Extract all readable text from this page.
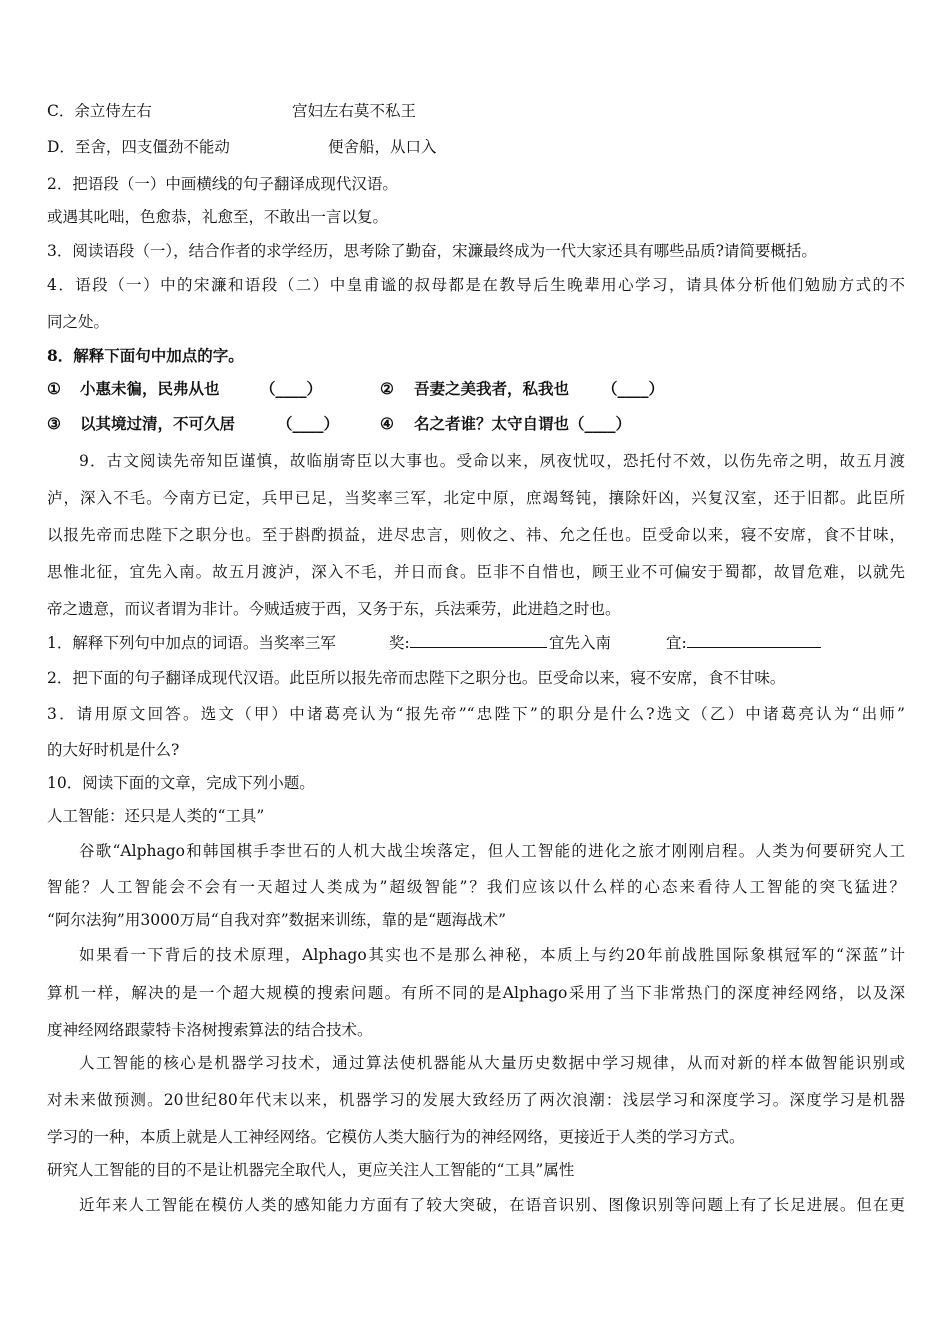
C．余立侍左右	宫妇左右莫不私王
D．至舍，四支僵劲不能动	便舍船，从口入
2．把语段（一）中画横线的句子翻译成现代汉语。
或遇其叱咄，色愈恭，礼愈至，不敢出一言以复。
3．阅读语段（一），结合作者的求学经历，思考除了勤奋，宋濂最终成为一代大家还具有哪些品质?请简要概括。
4．语段（一）中的宋濂和语段（二）中皇甫谧的叔母都是在教导后生晚辈用心学习，请具体分析他们勉励方式的不
同之处。
8．解释下面句中加点的字。
① 小惠未徧，民弗从也	（____）	② 吾妻之美我者，私我也 （____）
③ 以其境过清，不可久居	（____）	④ 名之者谁？太守自谓也（____）
9．古文阅读先帝知臣谨慎，故临崩寄臣以大事也。受命以来，夙夜忧叹，恐托付不效，以伤先帝之明，故五月渡
泸，深入不毛。今南方已定，兵甲已足，当奖率三军，北定中原，庶竭驽钝，攘除奸凶，兴复汉室，还于旧都。此臣所
以报先帝而忠陛下之职分也。至于斟酌损益，进尽忠言，则攸之、祎、允之任也。臣受命以来，寝不安席，食不甘味，
思惟北征，宜先入南。故五月渡泸，深入不毛，并日而食。臣非不自惜也，顾王业不可偏安于蜀都，故冒危难，以就先
帝之遗意，而议者谓为非计。今贼适疲于西，又务于东，兵法乘劳，此进趋之时也。
1．解释下列句中加点的词语。当奖率三军	奖:	宜先入南	宜:
2．把下面的句子翻译成现代汉语。此臣所以报先帝而忠陛下之职分也。臣受命以来，寝不安席，食不甘味。
3．请用原文回答。选文（甲）中诸葛亮认为“报先帝”“忠陛下”的职分是什么?选文（乙）中诸葛亮认为“出师”
的大好时机是什么?
10．阅读下面的文章，完成下列小题。
人工智能：还只是人类的“工具”
谷歌“Alphago和韩国棋手李世石的人机大战尘埃落定，但人工智能的进化之旅才刚刚启程。人类为何要研究人工
智能？人工智能会不会有一天超过人类成为”超级智能”？我们应该以什么样的心态来看待人工智能的突飞猛进？
“阿尔法狗”用3000万局“自我对弈”数据来训练，靠的是“题海战术”
如果看一下背后的技术原理，Alphago其实也不是那么神秘，本质上与约20年前战胜国际象棋冠军的“深蓝”计
算机一样，解决的是一个超大规模的搜索问题。有所不同的是Alphago采用了当下非常热门的深度神经网络，以及深
度神经网络跟蒙特卡洛树搜索算法的结合技术。
人工智能的核心是机器学习技术，通过算法使机器能从大量历史数据中学习规律，从而对新的样本做智能识别或
对未来做预测。20世纪80年代末以来，机器学习的发展大致经历了两次浪潮：浅层学习和深度学习。深度学习是机器
学习的一种，本质上就是人工神经网络。它模仿人类大脑行为的神经网络，更接近于人类的学习方式。
研究人工智能的目的不是让机器完全取代人，更应关注人工智能的“工具”属性
近年来人工智能在模仿人类的感知能力方面有了较大突破，在语音识别、图像识别等问题上有了长足进展。但在更
